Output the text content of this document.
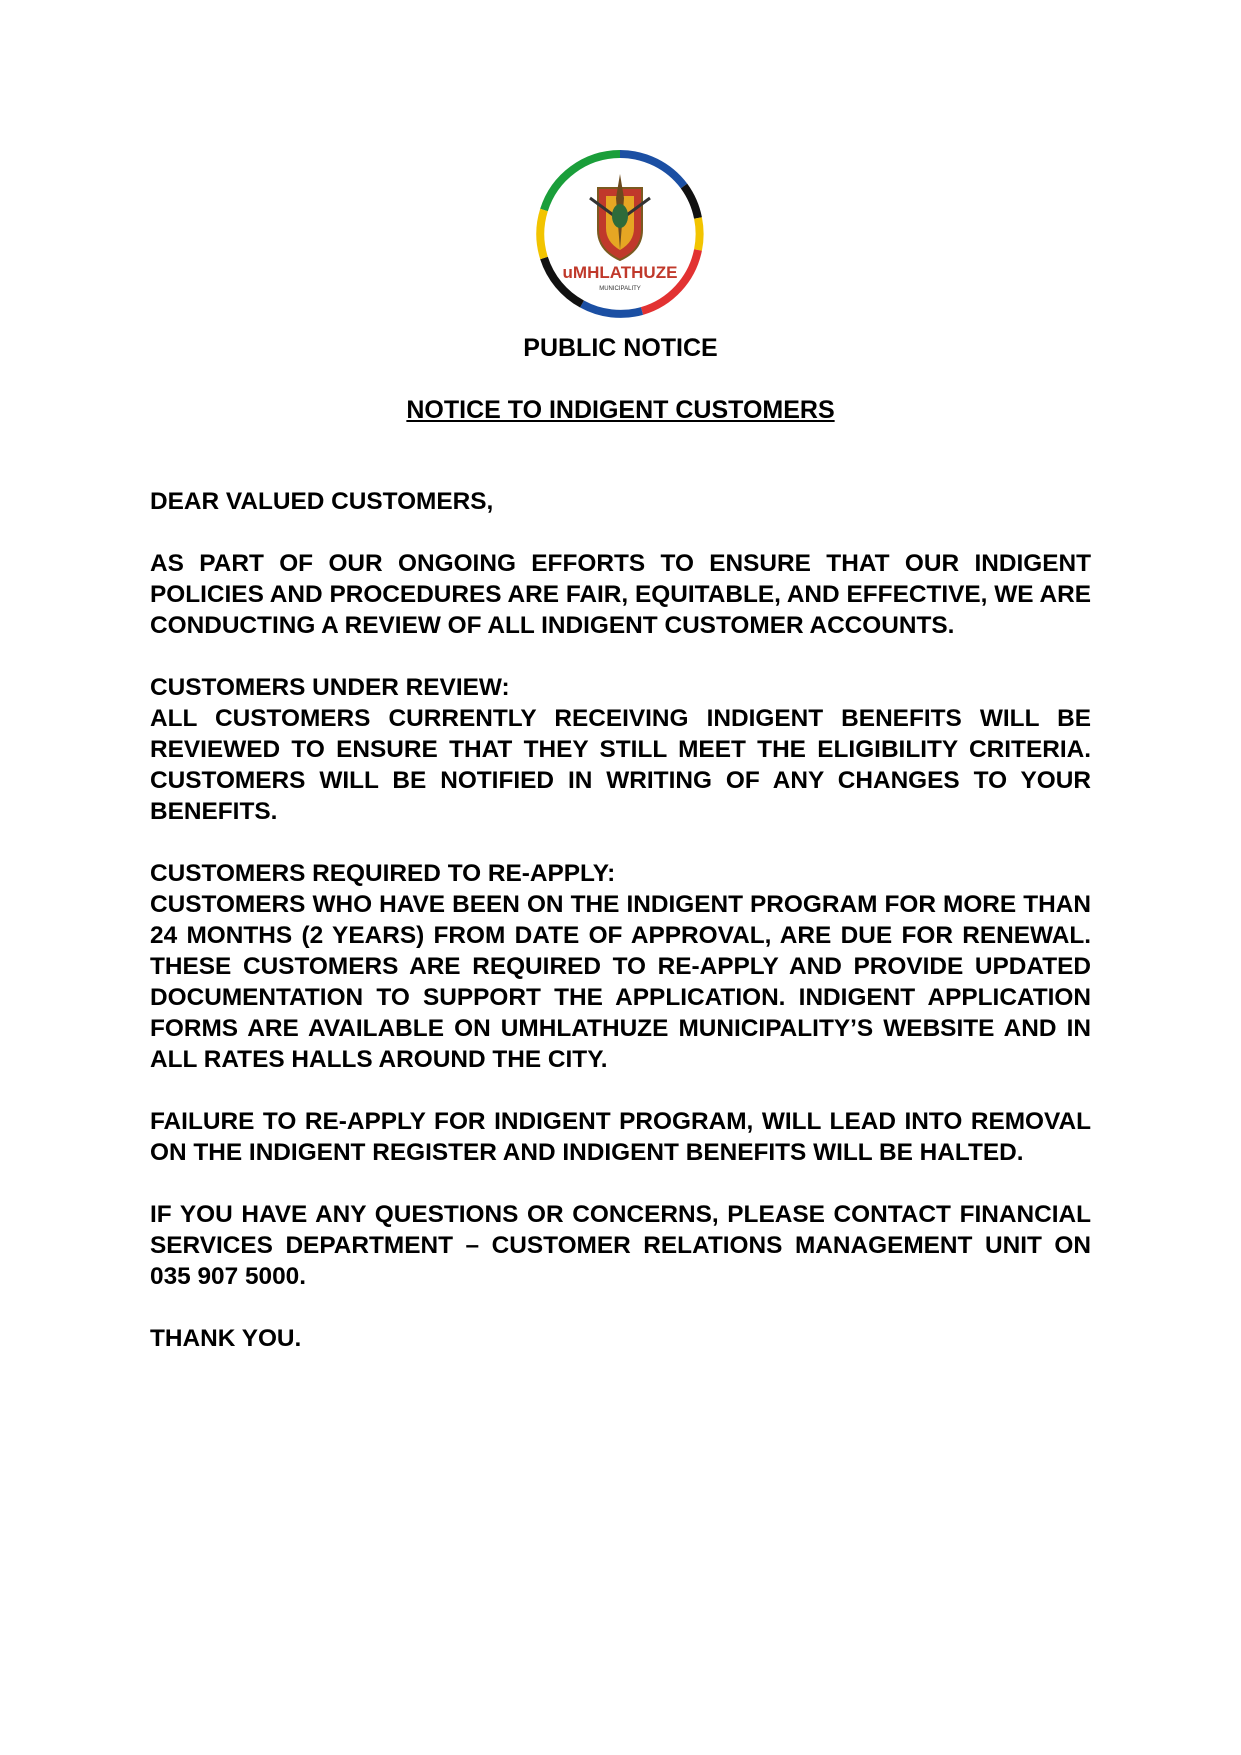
uMHLATHUZE
MUNICIPALITY
PUBLIC NOTICE
NOTICE TO INDIGENT CUSTOMERS

DEAR VALUED CUSTOMERS,

AS PART OF OUR ONGOING EFFORTS TO ENSURE THAT OUR INDIGENT POLICIES AND PROCEDURES ARE FAIR, EQUITABLE, AND EFFECTIVE, WE ARE CONDUCTING A REVIEW OF ALL INDIGENT CUSTOMER ACCOUNTS.

CUSTOMERS UNDER REVIEW:
ALL CUSTOMERS CURRENTLY RECEIVING INDIGENT BENEFITS WILL BE REVIEWED TO ENSURE THAT THEY STILL MEET THE ELIGIBILITY CRITERIA. CUSTOMERS WILL BE NOTIFIED IN WRITING OF ANY CHANGES TO YOUR BENEFITS.

CUSTOMERS REQUIRED TO RE-APPLY:
CUSTOMERS WHO HAVE BEEN ON THE INDIGENT PROGRAM FOR MORE THAN 24 MONTHS (2 YEARS) FROM DATE OF APPROVAL, ARE DUE FOR RENEWAL. THESE CUSTOMERS ARE REQUIRED TO RE-APPLY AND PROVIDE UPDATED DOCUMENTATION TO SUPPORT THE APPLICATION. INDIGENT APPLICATION FORMS ARE AVAILABLE ON UMHLATHUZE MUNICIPALITY’S WEBSITE AND IN ALL RATES HALLS AROUND THE CITY.

FAILURE TO RE-APPLY FOR INDIGENT PROGRAM, WILL LEAD INTO REMOVAL ON THE INDIGENT REGISTER AND INDIGENT BENEFITS WILL BE HALTED.

IF YOU HAVE ANY QUESTIONS OR CONCERNS, PLEASE CONTACT FINANCIAL SERVICES DEPARTMENT – CUSTOMER RELATIONS MANAGEMENT UNIT ON 035 907 5000.

THANK YOU.
